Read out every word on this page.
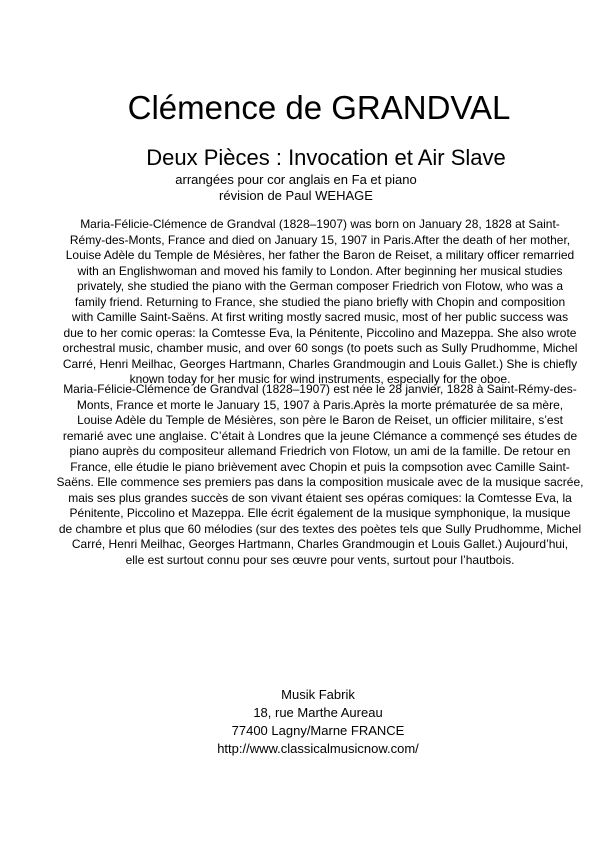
Clémence de GRANDVAL
Deux Pièces : Invocation et Air Slave
arrangées pour cor anglais en Fa et piano
révision de Paul WEHAGE
Maria-Félicie-Clémence de Grandval (1828–1907) was born on January 28, 1828 at Saint-
Rémy-des-Monts, France and died on January 15, 1907 in Paris.After the death of her mother,
Louise Adèle du Temple de Mésières, her father the Baron de Reiset, a military officer remarried
with an Englishwoman and moved his family to London. After beginning her musical studies
privately, she studied the piano with the German composer Friedrich von Flotow, who was a
family friend. Returning to France, she studied the piano briefly with Chopin and composition
with Camille Saint-Saëns. At first writing mostly sacred music, most of her public success was
due to her comic operas: la Comtesse Eva, la Pénitente, Piccolino and Mazeppa. She also wrote
orchestral music, chamber music, and over 60 songs (to poets such as Sully Prudhomme, Michel
Carré, Henri Meilhac, Georges Hartmann, Charles Grandmougin and Louis Gallet.) She is chiefly
known today for her music for wind instruments, especially for the oboe.
Maria-Félicie-Clémence de Grandval (1828–1907) est née le 28 janvier, 1828 à Saint-Rémy-des-
Monts, France et morte le January 15, 1907 à Paris.Après la morte prématurée de sa mère,
Louise Adèle du Temple de Mésières, son père le Baron de Reiset, un officier militaire, s’est
remarié avec une anglaise. C’était à Londres que la jeune Clémance a commençé ses études de
piano auprès du compositeur allemand Friedrich von Flotow, un ami de la famille. De retour en
France, elle étudie le piano brièvement avec Chopin et puis la compsotion avec Camille Saint-
Saëns. Elle commence ses premiers pas dans la composition musicale avec de la musique sacrée,
mais ses plus grandes succès de son vivant étaient ses opéras comiques: la Comtesse Eva, la
Pénitente, Piccolino et Mazeppa. Elle écrit également de la musique symphonique, la musique
de chambre et plus que 60 mélodies (sur des textes des poètes tels que Sully Prudhomme, Michel
Carré, Henri Meilhac, Georges Hartmann, Charles Grandmougin et Louis Gallet.) Aujourd’hui,
elle est surtout connu pour ses œuvre pour vents, surtout pour l’hautbois.
Musik Fabrik
18, rue Marthe Aureau
77400 Lagny/Marne FRANCE
http://www.classicalmusicnow.com/
